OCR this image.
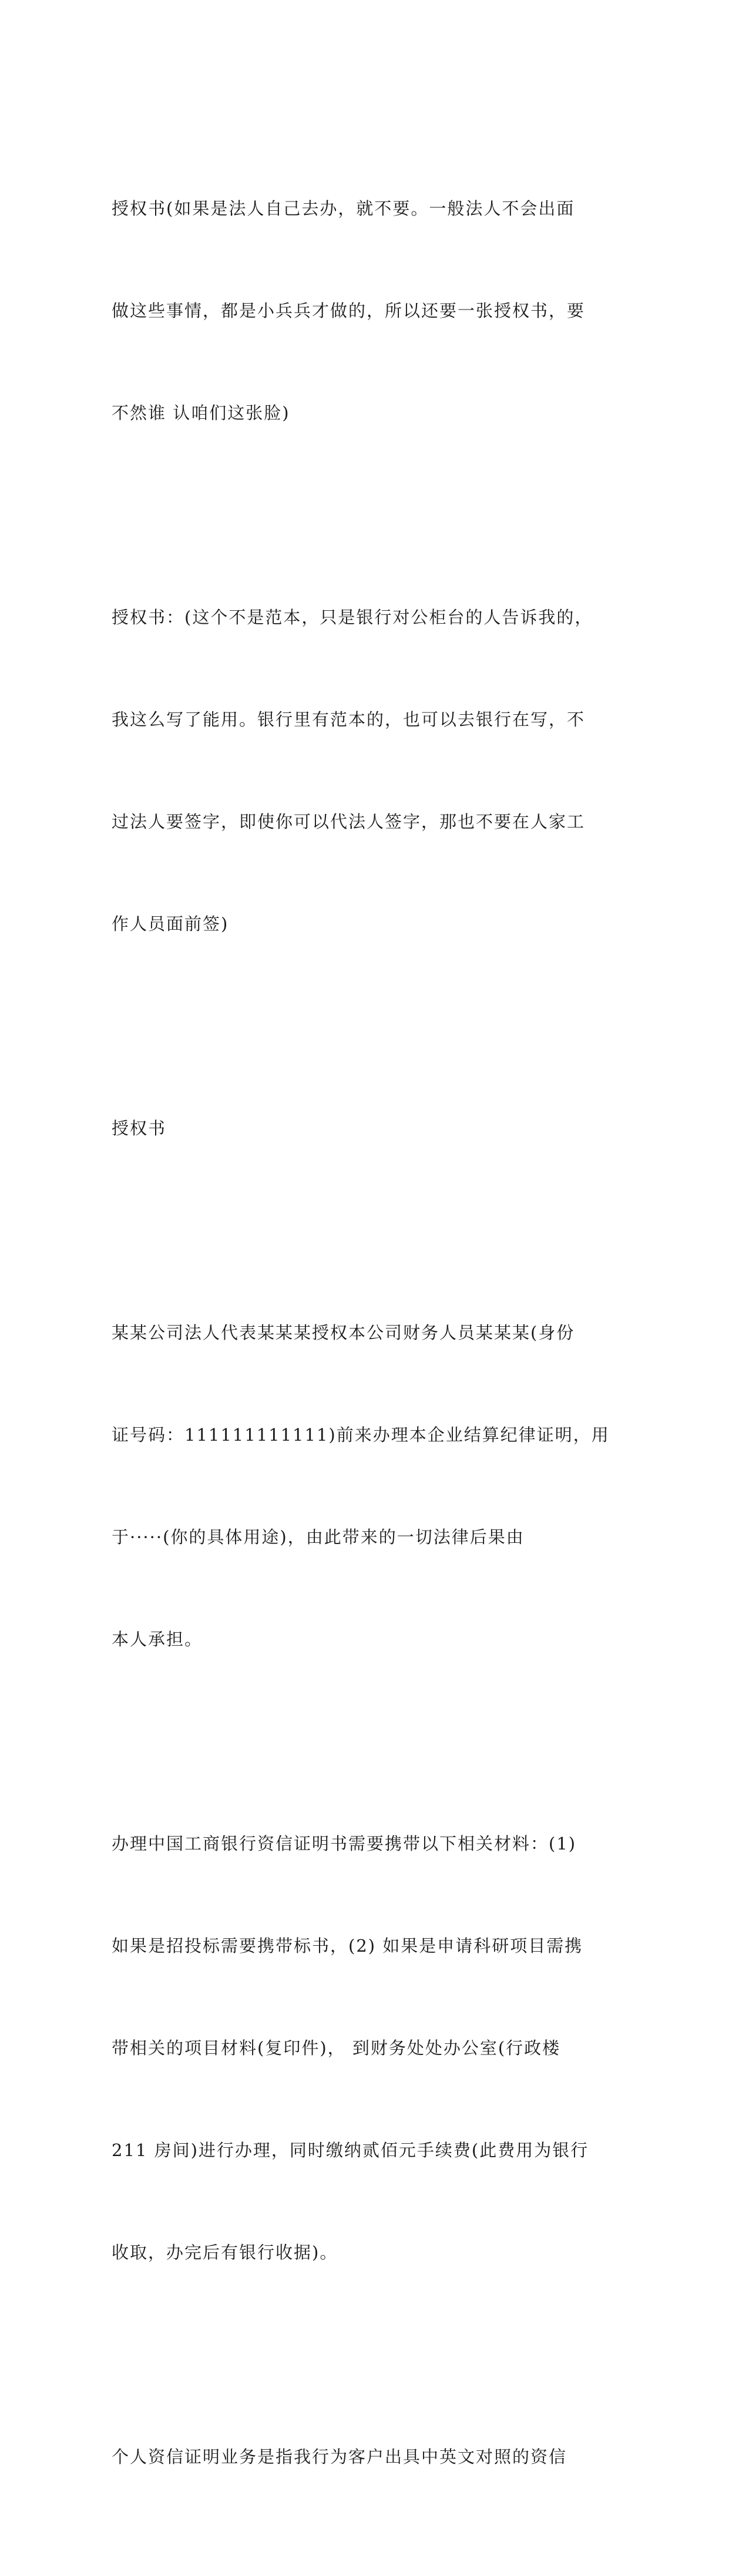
授权书(如果是法人自己去办，就不要。一般法人不会出面

做这些事情，都是小兵兵才做的，所以还要一张授权书，要

不然谁 认咱们这张脸)

授权书：(这个不是范本，只是银行对公柜台的人告诉我的，

我这么写了能用。银行里有范本的，也可以去银行在写，不

过法人要签字，即使你可以代法人签字，那也不要在人家工

作人员面前签)

授权书

某某公司法人代表某某某授权本公司财务人员某某某(身份

证号码：111111111111)前来办理本企业结算纪律证明，用

于·····(你的具体用途)，由此带来的一切法律后果由

本人承担。

办理中国工商银行资信证明书需要携带以下相关材料：(1)

如果是招投标需要携带标书，(2) 如果是申请科研项目需携

带相关的项目材料(复印件)， 到财务处处办公室(行政楼

211 房间)进行办理，同时缴纳贰佰元手续费(此费用为银行

收取，办完后有银行收据)。

个人资信证明业务是指我行为客户出具中英文对照的资信
